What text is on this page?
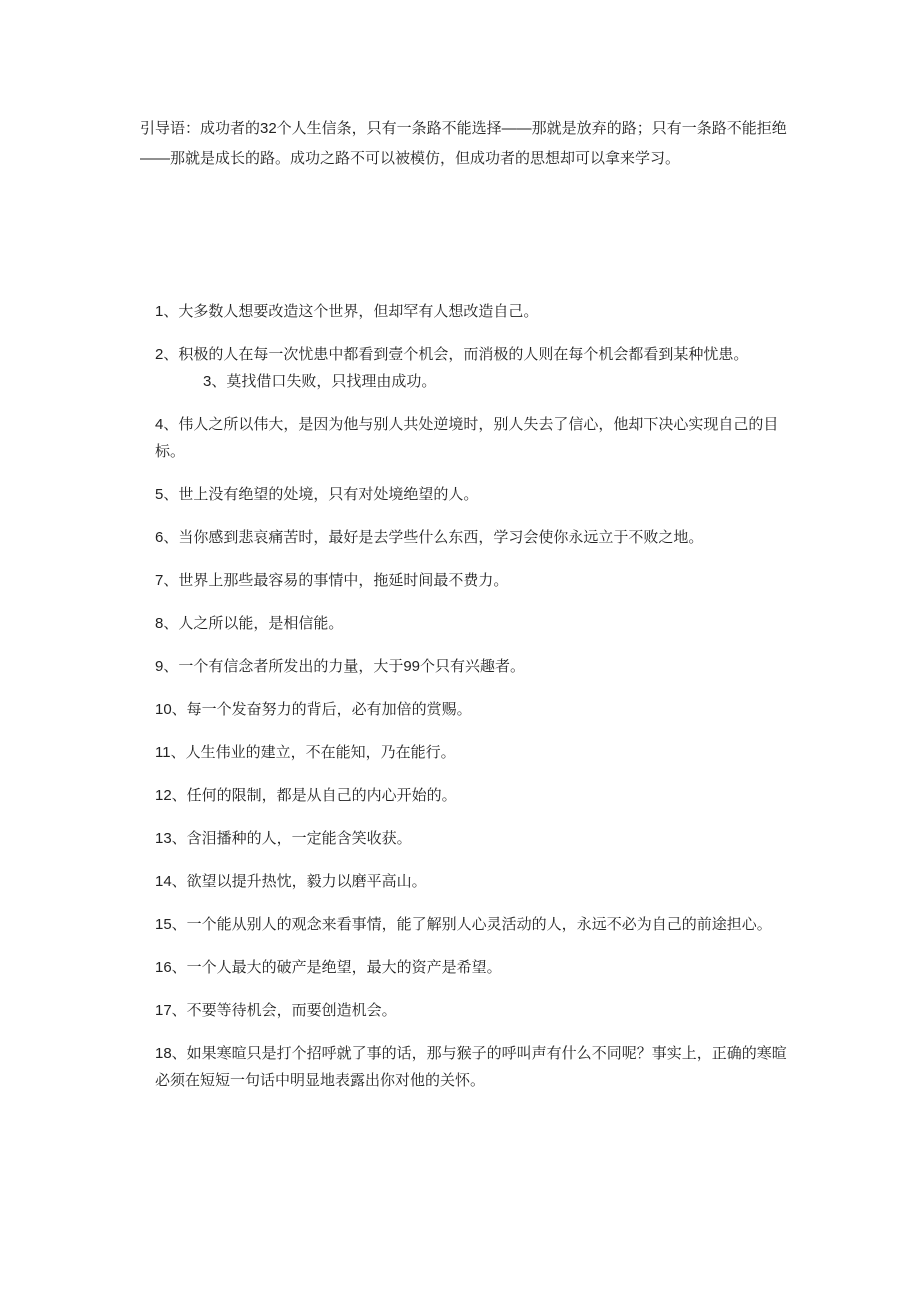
引导语：成功者的32个人生信条，只有一条路不能选择——那就是放弃的路；只有一条路不能拒绝——那就是成长的路。成功之路不可以被模仿，但成功者的思想却可以拿来学习。
1、大多数人想要改造这个世界，但却罕有人想改造自己。
2、积极的人在每一次忧患中都看到壹个机会，而消极的人则在每个机会都看到某种忧患。
3、莫找借口失败，只找理由成功。
4、伟人之所以伟大，是因为他与别人共处逆境时，别人失去了信心，他却下决心实现自己的目标。
5、世上没有绝望的处境，只有对处境绝望的人。
6、当你感到悲哀痛苦时，最好是去学些什么东西，学习会使你永远立于不败之地。
7、世界上那些最容易的事情中，拖延时间最不费力。
8、人之所以能，是相信能。
9、一个有信念者所发出的力量，大于99个只有兴趣者。
10、每一个发奋努力的背后，必有加倍的赏赐。
11、人生伟业的建立，不在能知，乃在能行。
12、任何的限制，都是从自己的内心开始的。
13、含泪播种的人，一定能含笑收获。
14、欲望以提升热忱，毅力以磨平高山。
15、一个能从别人的观念来看事情，能了解别人心灵活动的人，永远不必为自己的前途担心。
16、一个人最大的破产是绝望，最大的资产是希望。
17、不要等待机会，而要创造机会。
18、如果寒暄只是打个招呼就了事的话，那与猴子的呼叫声有什么不同呢？事实上，正确的寒暄必须在短短一句话中明显地表露出你对他的关怀。
